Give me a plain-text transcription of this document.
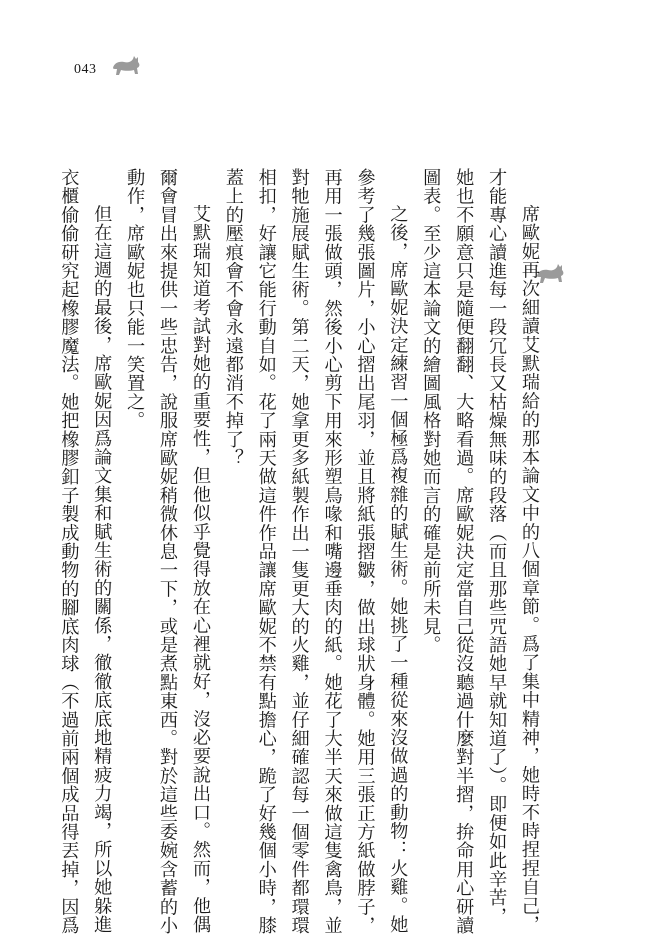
043
席歐妮再次細讀艾默瑞給的那本論文中的八個章節。爲了集中精神，她時不時捏捏自己，
才能專心讀進每一段冗長又枯燥無味的段落（而且那些咒語她早就知道了）。即便如此辛苦，
她也不願意只是隨便翻翻、大略看過。席歐妮決定當自己從沒聽過什麼對半摺，拚命用心研讀
圖表。至少這本論文的繪圖風格對她而言的確是前所未見。
之後，席歐妮決定練習一個極爲複雜的賦生術。她挑了一種從來沒做過的動物：火雞。她
參考了幾張圖片，小心摺出尾羽，並且將紙張摺皺，做出球狀身體。她用三張正方紙做脖子，
再用一張做頭，然後小心剪下用來形塑鳥喙和嘴邊垂肉的紙。她花了大半天來做這隻禽鳥，並
對牠施展賦生術。第二天，她拿更多紙製作出一隻更大的火雞，並仔細確認每一個零件都環環
相扣，好讓它能行動自如。花了兩天做這件作品讓席歐妮不禁有點擔心，跪了好幾個小時，膝
蓋上的壓痕會不會永遠都消不掉了？
艾默瑞知道考試對她的重要性，但他似乎覺得放在心裡就好，沒必要說出口。然而，他偶
爾會冒出來提供一些忠告，說服席歐妮稍微休息一下，或是煮點東西。對於這些委婉含蓄的小
動作，席歐妮也只能一笑置之。
但在這週的最後，席歐妮因爲論文集和賦生術的關係，徹徹底底地精疲力竭，所以她躲進
衣櫃偷偷研究起橡膠魔法。她把橡膠釦子製成動物的腳底肉球（不過前兩個成品得丟掉，因爲
